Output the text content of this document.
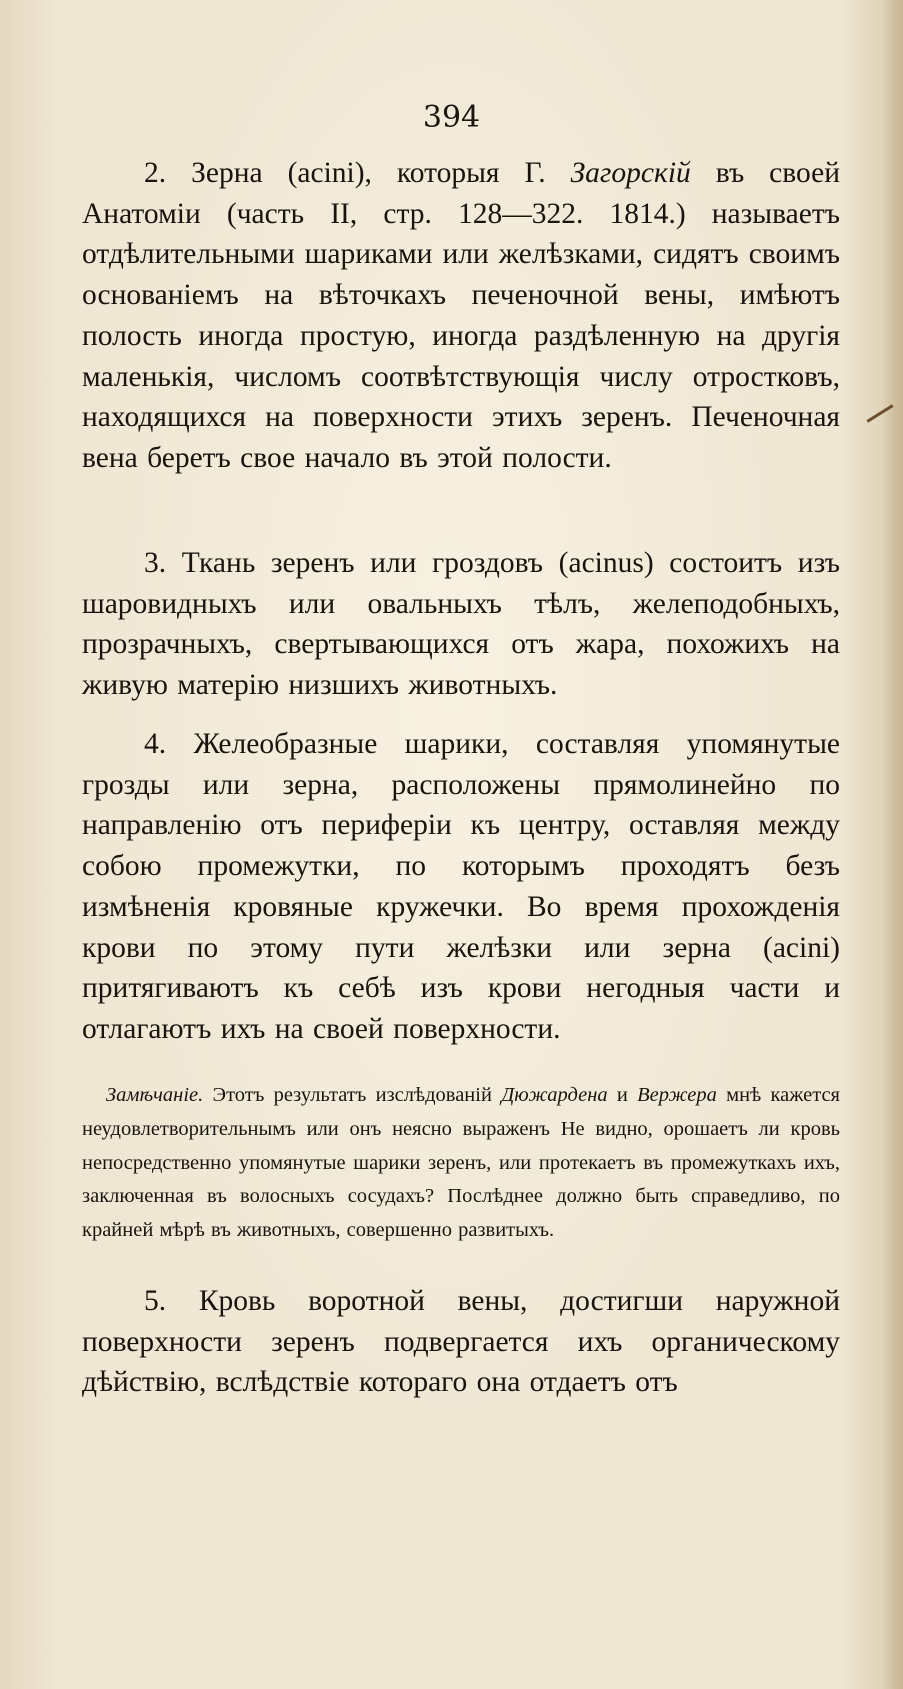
394

2. Зерна (acini), которыя Г. Загорскій въ своей Анатоміи (часть II, стр. 128—322. 1814.) называетъ отдѣлительными шариками или желѣзками, сидятъ своимъ основаніемъ на вѣточкахъ печеночной вены, имѣютъ полость иногда простую, иногда раздѣленную на другія маленькія, числомъ соотвѣтствующія числу отростковъ, находящихся на поверхности этихъ зеренъ. Печеночная вена беретъ свое начало въ этой полости.

3. Ткань зеренъ или гроздовъ (acinus) состоитъ изъ шаровидныхъ или овальныхъ тѣлъ, желеподобныхъ, прозрачныхъ, свертывающихся отъ жара, похожихъ на живую матерію низшихъ животныхъ.

4. Желеобразные шарики, составляя упомянутые грозды или зерна, расположены прямолинейно по направленію отъ периферіи къ центру, оставляя между собою промежутки, по которымъ проходятъ безъ измѣненія кровяные кружечки. Во время прохожденія крови по этому пути желѣзки или зерна (acini) притягиваютъ къ себѣ изъ крови негодныя части и отлагаютъ ихъ на своей поверхности.

Замѣчаніе. Этотъ результатъ изслѣдованій Дюжардена и Вержера мнѣ кажется неудовлетворительнымъ или онъ неясно выраженъ Не видно, орошаетъ ли кровь непосредственно упомянутые шарики зеренъ, или протекаетъ въ промежуткахъ ихъ, заключенная въ волосныхъ сосудахъ? Послѣднее должно быть справедливо, по крайней мѣрѣ въ животныхъ, совершенно развитыхъ.

5. Кровь воротной вены, достигши наружной поверхности зеренъ подвергается ихъ органическому дѣйствію, вслѣдствіе котораго она отдаетъ отъ
